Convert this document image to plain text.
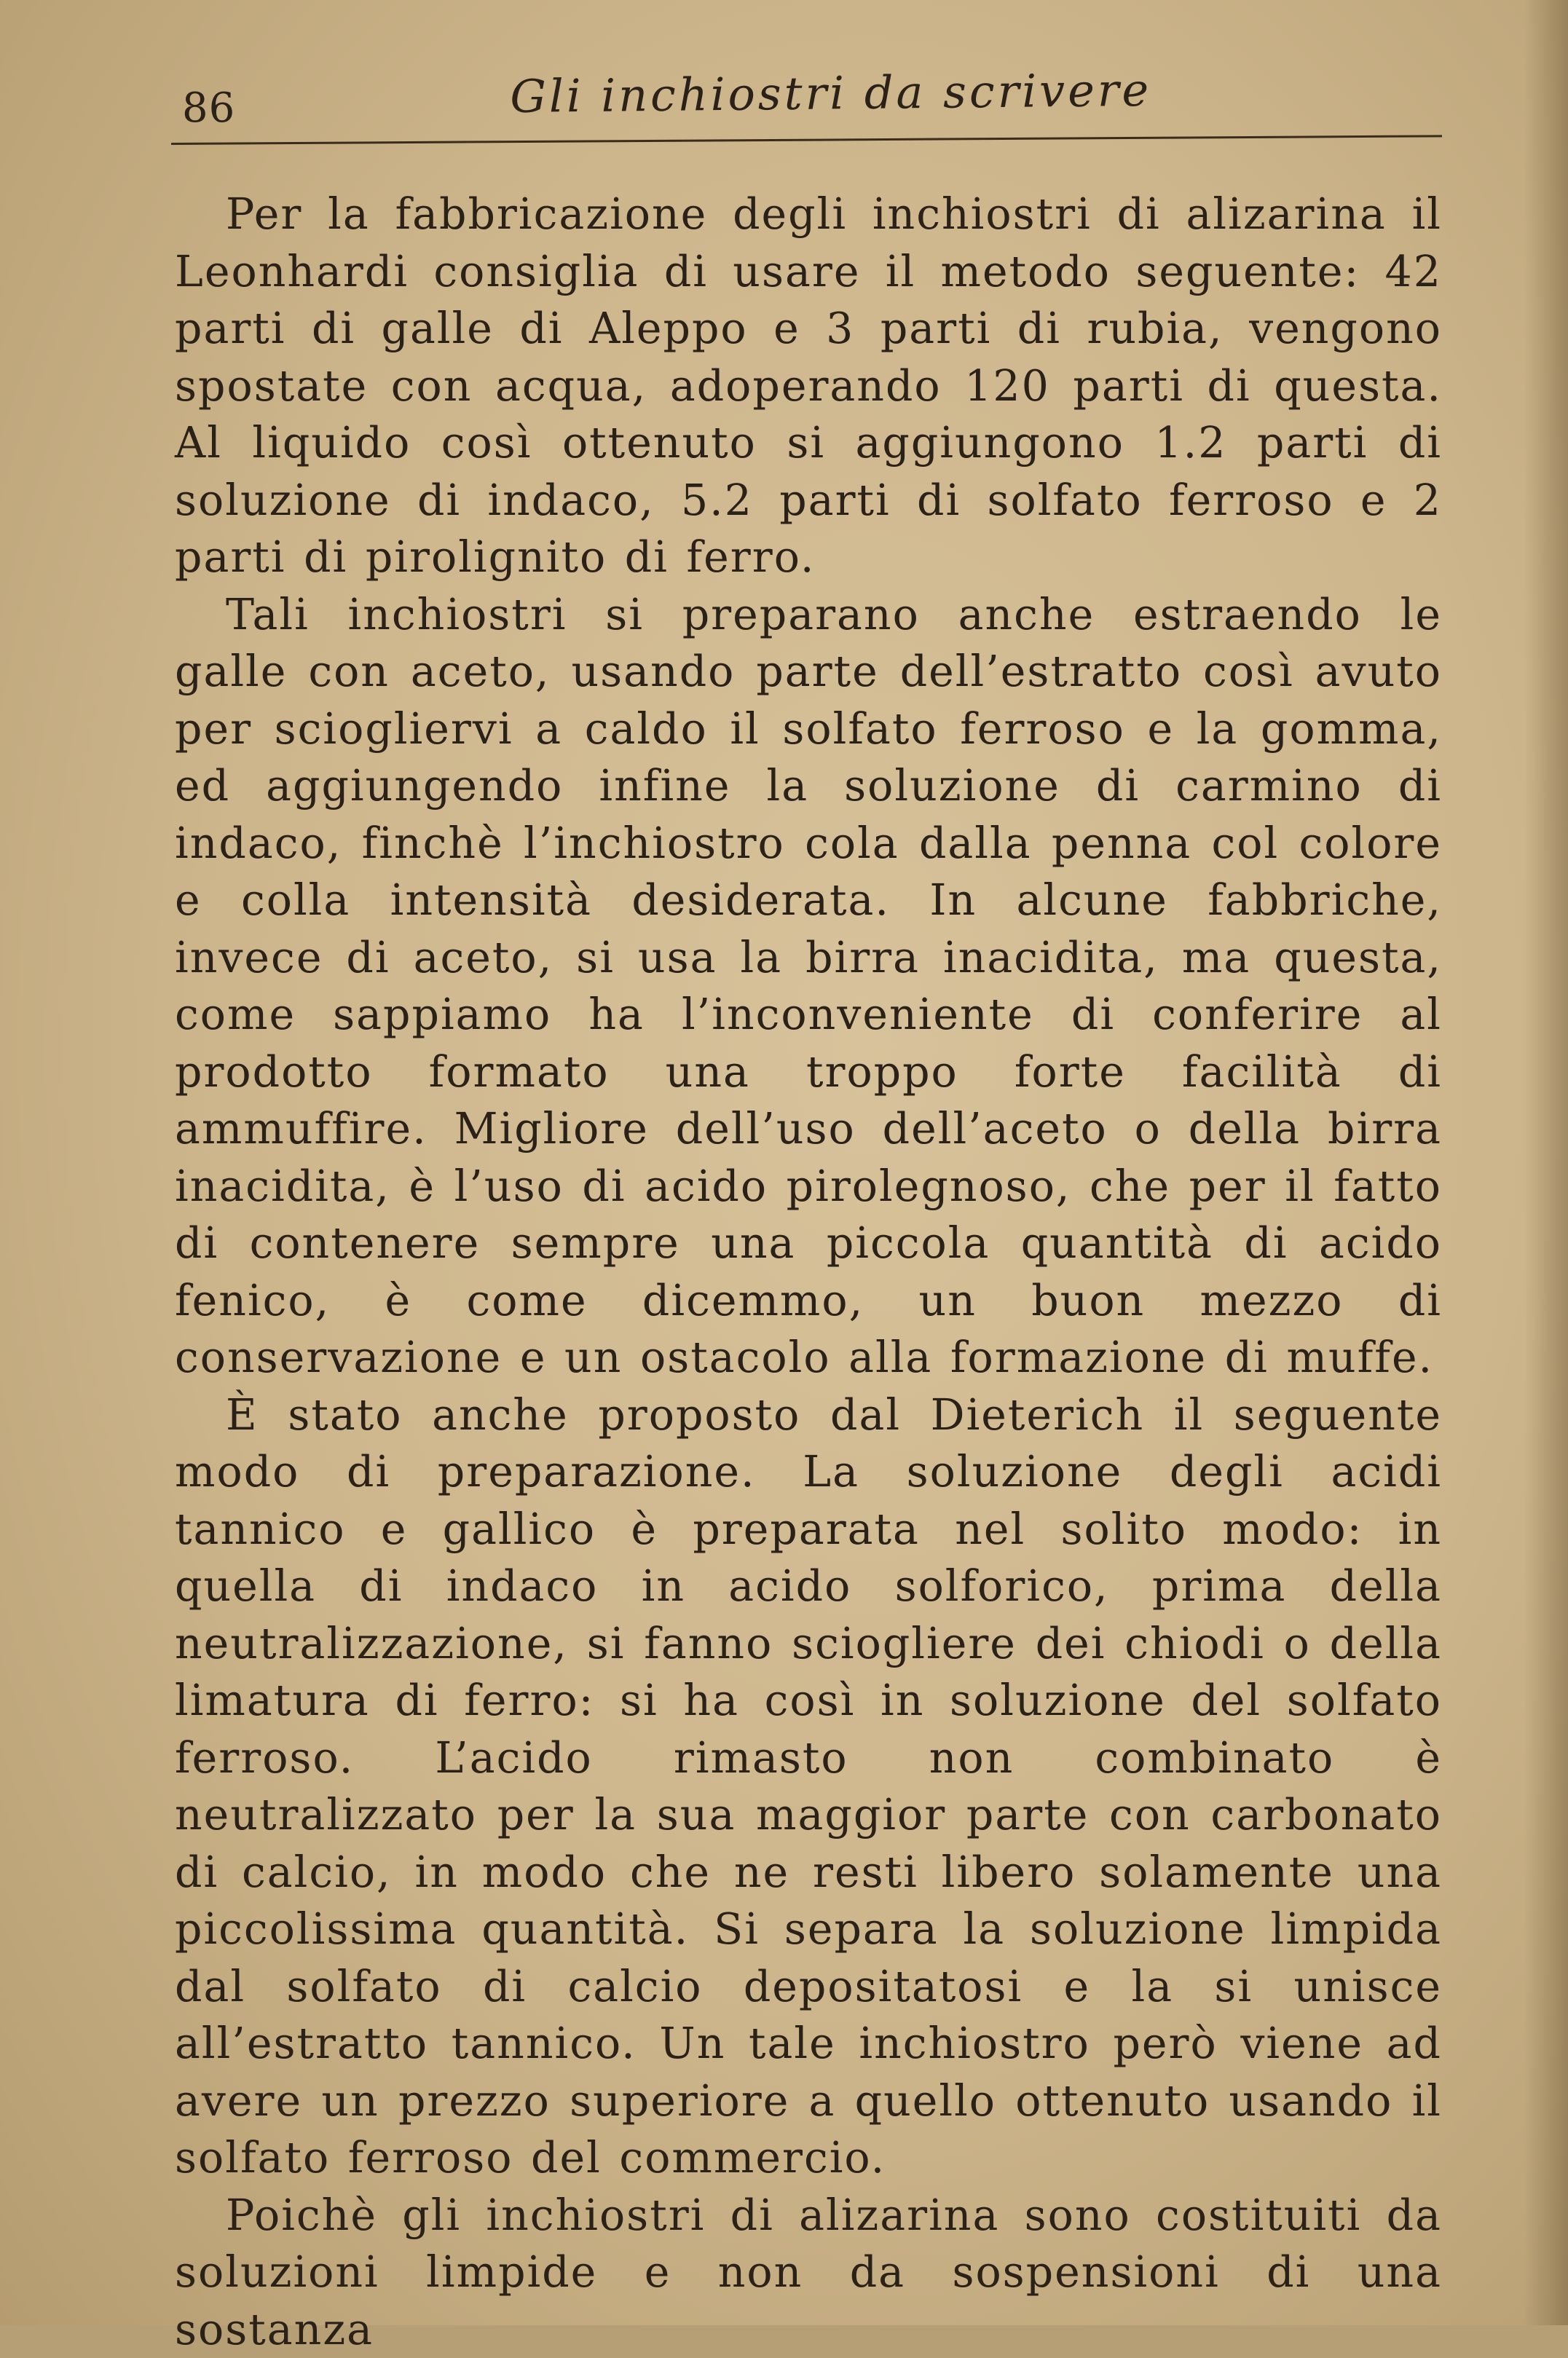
86	Gli inchiostri da scrivere

Per la fabbricazione degli inchiostri di alizarina il Leonhardi consiglia di usare il metodo seguente: 42 parti di galle di Aleppo e 3 parti di rubia, vengono spostate con acqua, adoperando 120 parti di questa. Al liquido così ottenuto si aggiungono 1.2 parti di soluzione di indaco, 5.2 parti di solfato ferroso e 2 parti di pirolignito di ferro.

Tali inchiostri si preparano anche estraendo le galle con aceto, usando parte dell’estratto così avuto per sciogliervi a caldo il solfato ferroso e la gomma, ed aggiungendo infine la soluzione di carmino di indaco, finchè l’inchiostro cola dalla penna col colore e colla intensità desiderata. In alcune fabbriche, invece di aceto, si usa la birra inacidita, ma questa, come sappiamo ha l’inconveniente di conferire al prodotto formato una troppo forte facilità di ammuffire. Migliore dell’uso dell’aceto o della birra inacidita, è l’uso di acido pirolegnoso, che per il fatto di contenere sempre una piccola quantità di acido fenico, è come dicemmo, un buon mezzo di conservazione e un ostacolo alla formazione di muffe.

È stato anche proposto dal Dieterich il seguente modo di preparazione. La soluzione degli acidi tannico e gallico è preparata nel solito modo: in quella di indaco in acido solforico, prima della neutralizzazione, si fanno sciogliere dei chiodi o della limatura di ferro: si ha così in soluzione del solfato ferroso. L’acido rimasto non combinato è neutralizzato per la sua maggior parte con carbonato di calcio, in modo che ne resti libero solamente una piccolissima quantità. Si separa la soluzione limpida dal solfato di calcio depositatosi e la si unisce all’estratto tannico. Un tale inchiostro però viene ad avere un prezzo superiore a quello ottenuto usando il solfato ferroso del commercio.

Poichè gli inchiostri di alizarina sono costituiti da soluzioni limpide e non da sospensioni di una sostanza
